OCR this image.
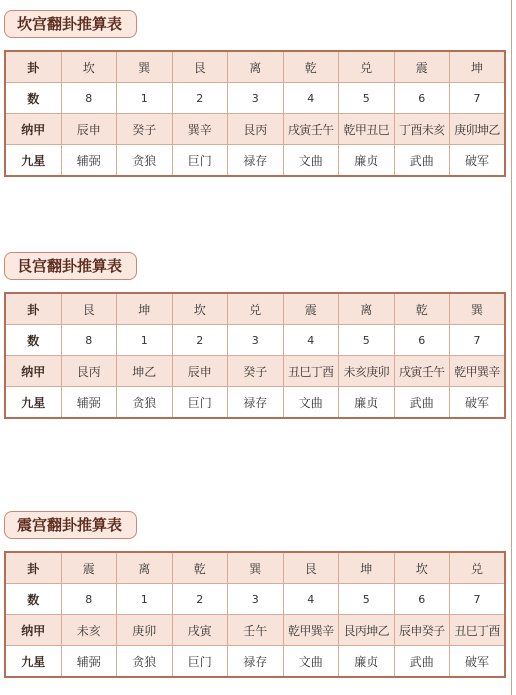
坎宫翻卦推算表
卦	坎	巽	艮	离	乾	兑	震	坤
数	8	1	2	3	4	5	6	7
纳甲	辰申	癸子	巽辛	艮丙	戌寅壬午	乾甲丑巳	丁酉未亥	庚卯坤乙
九星	辅弼	贪狼	巨门	禄存	文曲	廉贞	武曲	破军
艮宫翻卦推算表
卦	艮	坤	坎	兑	震	离	乾	巽
数	8	1	2	3	4	5	6	7
纳甲	艮丙	坤乙	辰申	癸子	丑巳丁酉	未亥庚卯	戌寅壬午	乾甲巽辛
九星	辅弼	贪狼	巨门	禄存	文曲	廉贞	武曲	破军
震宫翻卦推算表
卦	震	离	乾	巽	艮	坤	坎	兑
数	8	1	2	3	4	5	6	7
纳甲	未亥	庚卯	戌寅	壬午	乾甲巽辛	艮丙坤乙	辰申癸子	丑巳丁酉
九星	辅弼	贪狼	巨门	禄存	文曲	廉贞	武曲	破军
